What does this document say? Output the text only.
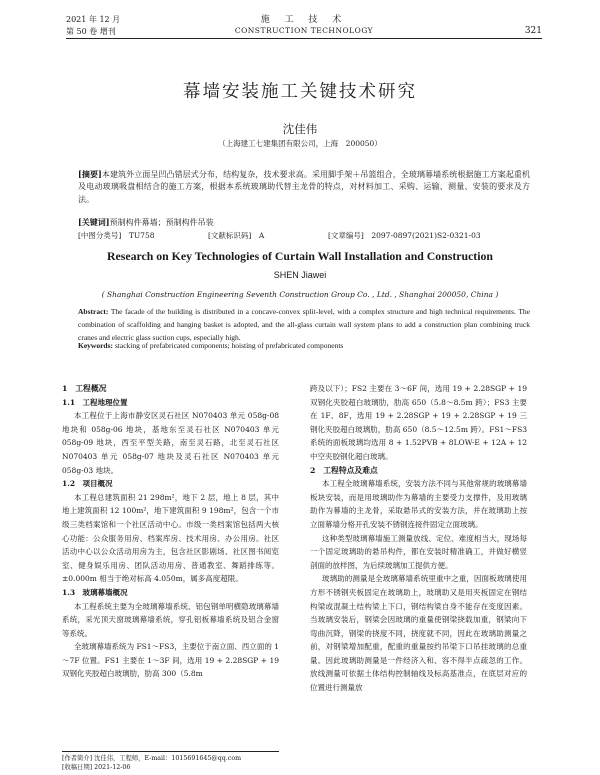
2021 年 12 月
第 50 卷 增刊
施 工 技 术
CONSTRUCTION TECHNOLOGY	321
幕墙安装施工关键技术研究
沈佳伟
（上海建工七建集团有限公司，上海　200050）
[摘要]本建筑外立面呈凹凸错层式分布，结构复杂，技术要求高。采用脚手架＋吊篮组合，全玻璃幕墙系统根据施工方案起重机及电动玻璃吸盘相结合的施工方案，根据本系统玻璃助代替主龙骨的特点，对材料加工、采购、运输、测量、安装的要求及方法。
[关键词]预制构件幕墙；预制构件吊装
[中图分类号]　TU758	[文献标识码]　A	[文章编号]　2097-0897(2021)S2-0321-03
Research on Key Technologies of Curtain Wall Installation and Construction
SHEN Jiawei
( Shanghai Construction Engineering Seventh Construction Group Co. , Ltd. , Shanghai 200050, China )
Abstract: The facade of the building is distributed in a concave-convex split-level, with a complex structure and high technical requirements. The combination of scaffolding and hanging basket is adopted, and the all-glass curtain wall system plans to add a construction plan combining truck cranes and electric glass suction cups, especially high.
Keywords: stacking of prefabricated components; hoisting of prefabricated components
1　工程概况
1.1　工程地理位置

本工程位于上海市静安区灵石社区 N070403 单元 058g-08 地块和 058g-06 地块，基地东至灵石社区 N070403 单元 058g-09 地块，西至平型关路，南至灵石路，北至灵石社区 N070403 单元 058g-07 地块及灵石社区 N070403 单元 058g-03 地块。

1.2　项目概况

本工程总建筑面积 21 298m²，地下 2 层，地上 8 层，其中地上建筑面积 12 100m²，地下建筑面积 9 198m²，包含一个市级三类档案馆和一个社区活动中心。市级一类档案馆包括两大核心功能：公众服务用房、档案库房、技术用房、办公用房。社区活动中心以公众活动用房为主，包含社区影剧场、社区图书阅览室、健身娱乐用房、团队活动用房、普通教室、舞蹈排练等。±0.000m 相当于绝对标高 4.050m，属多高度超限。

1.3　玻璃幕墙概况

本工程系统主要为全玻璃幕墙系统、铝包钢单明横隐玻璃幕墙系统，采光顶天窗玻璃幕墙系统，穿孔铝板幕墙系统及铝合金窗等系统。

全玻璃幕墙系统为 FS1～FS3，主要位于南立面、西立面的 1～7F 位置。FS1 主要在 1～3F 间，选用 19 + 2.28SGP + 19 双钢化夹胶超白玻璃肋，肋高 300（5.8m

跨及以下）；FS2 主要在 3～6F 间，选用 19 + 2.28SGP + 19 双钢化夹胶超白玻璃肋，肋高 650（5.8～8.5m 跨）；FS3 主要在 1F、8F，选用 19 + 2.28SGP + 19 + 2.28SGP + 19 三钢化夹胶超白玻璃肋，肋高 650（8.5～12.5m 跨）。FS1～FS3 系统的面板玻璃均选用 8 + 1.52PVB + 8LOW-E + 12A + 12 中空夹胶钢化超白玻璃。

2　工程特点及难点

本工程全玻璃幕墙系统，安装方法不同与其他常规的玻璃幕墙板块安装，而是用玻璃助作为幕墙的主要受力支撑件，及用玻璃助作为幕墙的主龙骨，采取悬吊式的安装方法，并在玻璃助上按立面幕墙分格开孔安装不锈钢连接件固定立面玻璃。

这种类型玻璃幕墙施工测量放线、定位、难度相当大，现场每一个固定玻璃助的悬吊构件，都在安装时精准确工，并做好横竖剖面的放样图，为后续玻璃加工提供方便。

玻璃助的测量是全玻璃幕墙系统里重中之重，因面板玻璃使用方形不锈钢夹板固定在玻璃助上，玻璃助又是用夹板固定在钢结构梁或混凝土结构梁上下口，钢结构梁自身不能存在变度因素。当玻璃安装后，钢梁会因玻璃的重量使钢梁挠载加重，钢梁向下弯曲沉降，钢梁的挠度不同，挠度就不同，因此在玻璃助测量之前，对钢梁增加配重，配重的重量按约吊梁下口吊挂玻璃的总重量。因此玻璃助测量是一件经济入和、容不得半点疏忽的工作。放线测量可依据土体结构控制轴线及标高基准点，在底层对应的位置进行测量放

[作者简介] 沈佳伟，工程师，E-mail：1015691645@qq.com
[收稿日期] 2021-12-06
